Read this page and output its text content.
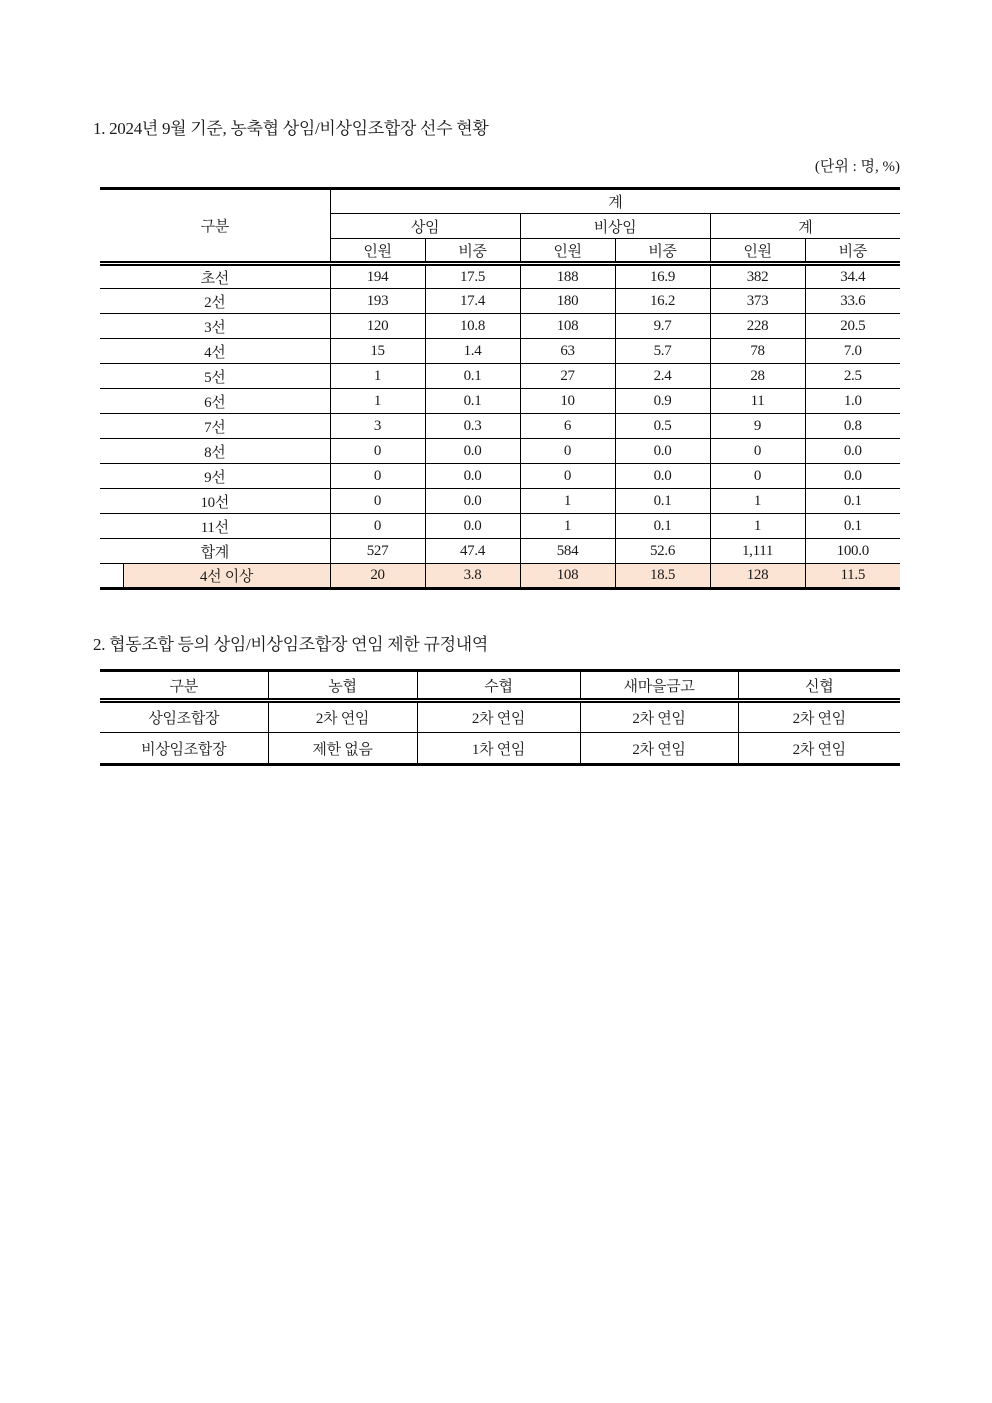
1. 2024년 9월 기준, 농축협 상임/비상임조합장 선수 현황
(단위 : 명, %)
구분		계					
		상임		비상임		계	
		인원	비중	인원	비중	인원	비중
초선		194	17.5	188	16.9	382	34.4
2선		193	17.4	180	16.2	373	33.6
3선		120	10.8	108	9.7	228	20.5
4선		15	1.4	63	5.7	78	7.0
5선		1	0.1	27	2.4	28	2.5
6선		1	0.1	10	0.9	11	1.0
7선		3	0.3	6	0.5	9	0.8
8선		0	0.0	0	0.0	0	0.0
9선		0	0.0	0	0.0	0	0.0
10선		0	0.0	1	0.1	1	0.1
11선		0	0.0	1	0.1	1	0.1
합계		527	47.4	584	52.6	1,111	100.0
	4선 이상	20	3.8	108	18.5	128	11.5
2. 협동조합 등의 상임/비상임조합장 연임 제한 규정내역
구분	농협	수협	새마을금고	신협
상임조합장	2차 연임	2차 연임	2차 연임	2차 연임
비상임조합장	제한 없음	1차 연임	2차 연임	2차 연임
